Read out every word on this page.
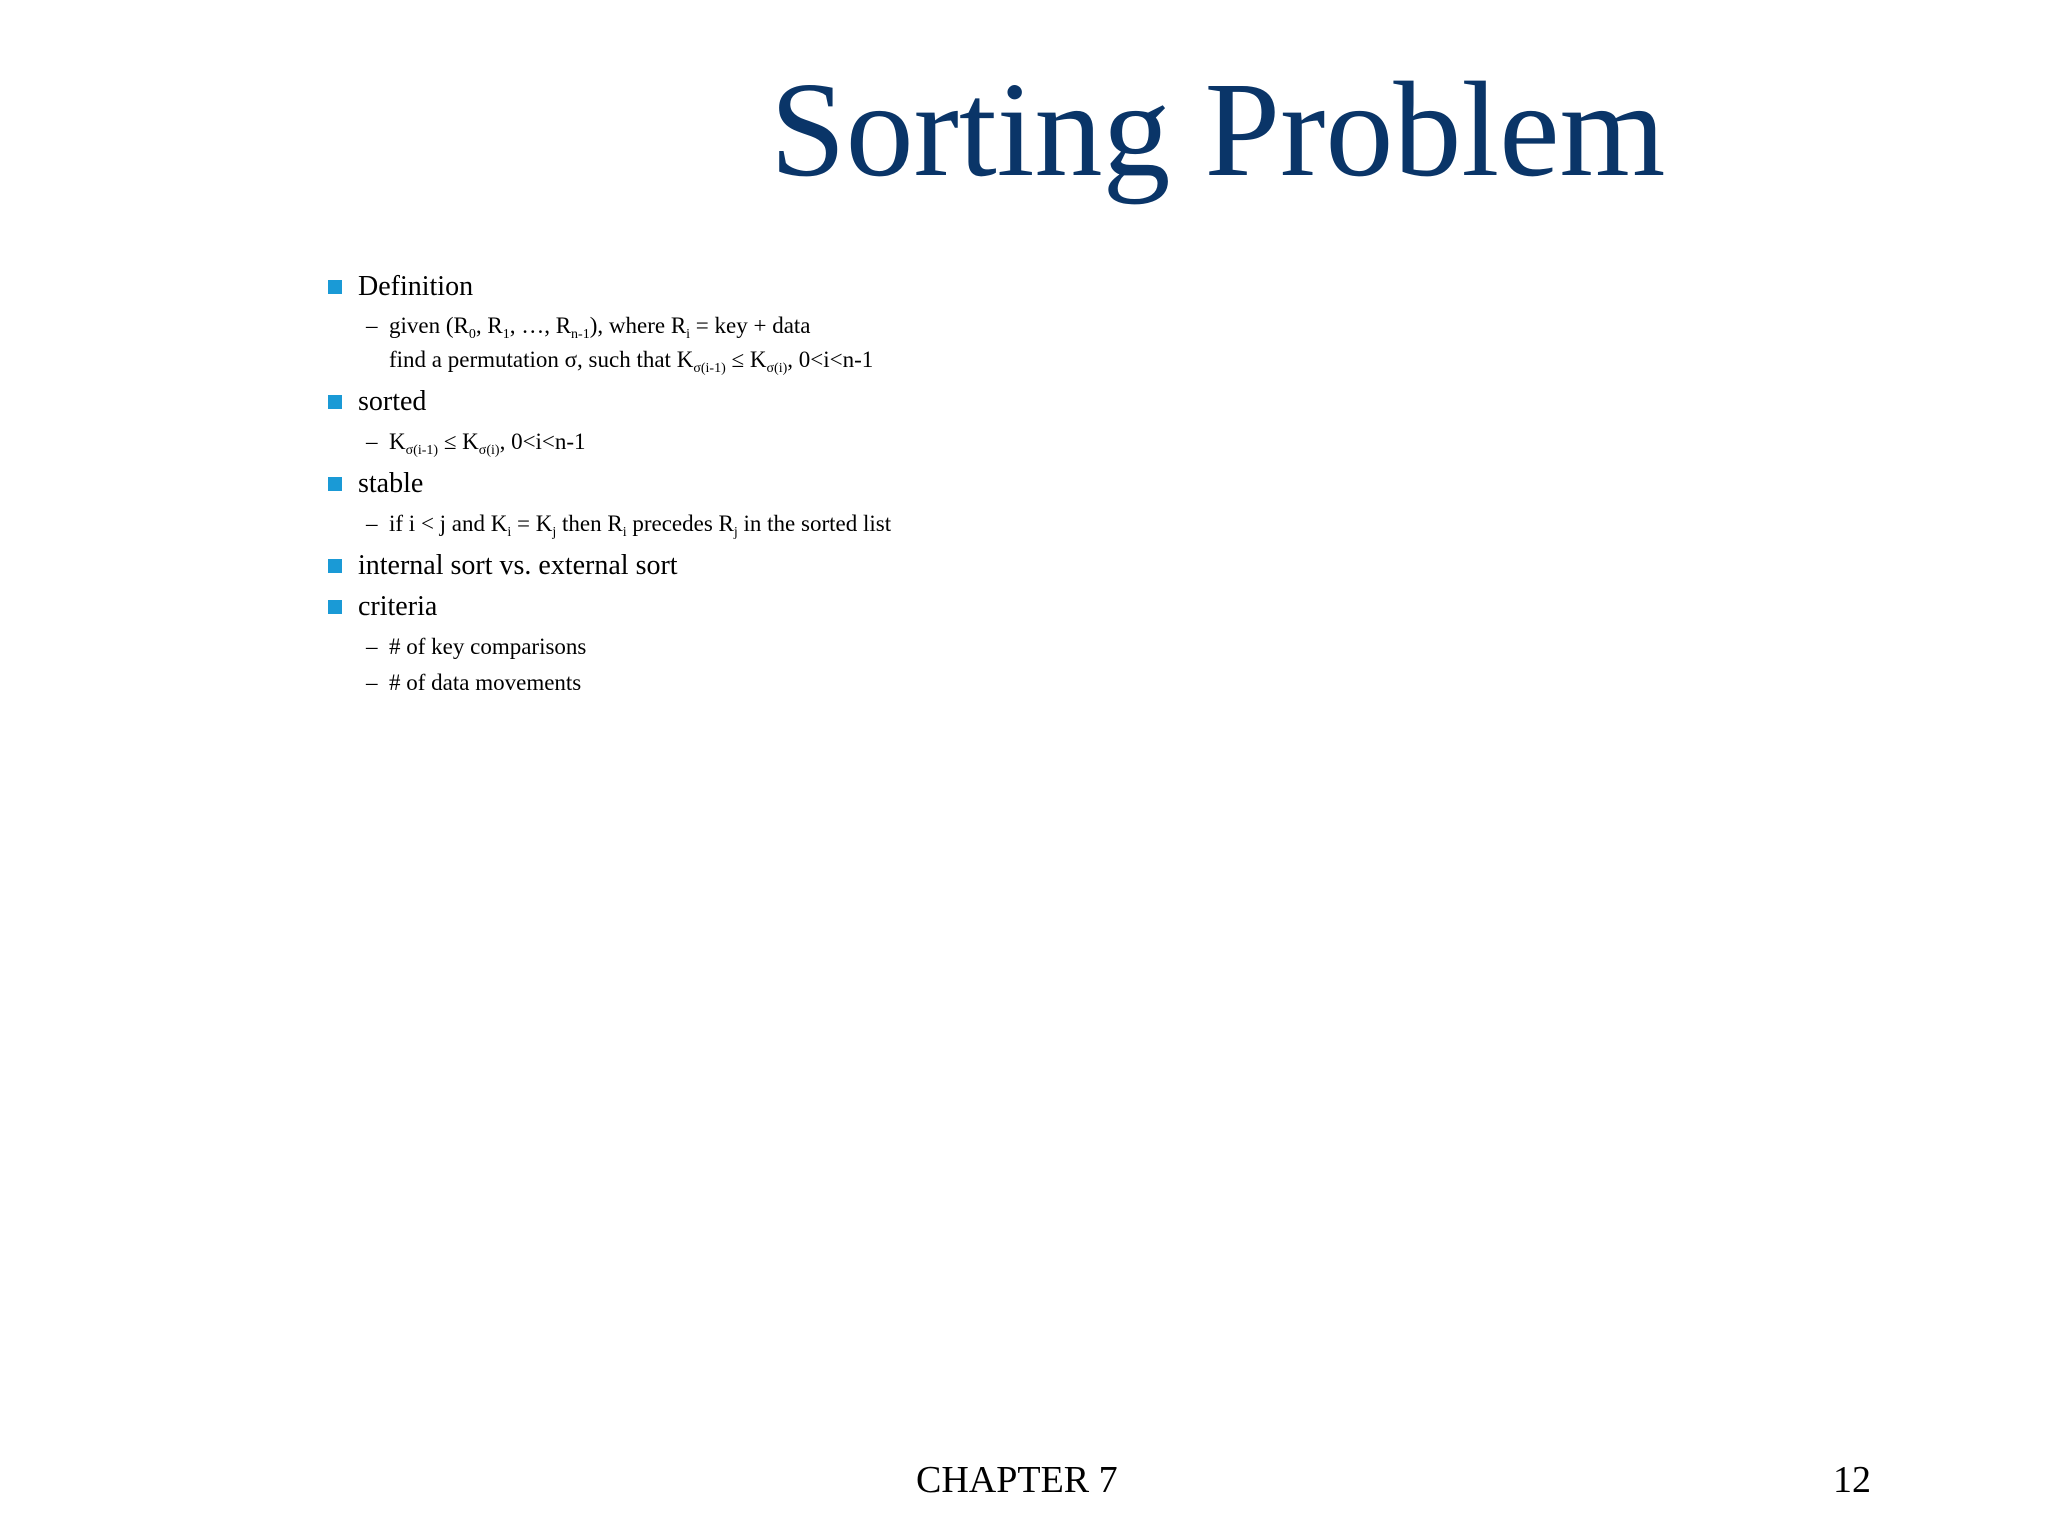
Sorting Problem
Definition
– given ($R_0$, $R_1$, …, $R_{n-1}$), where $R_i$ = key + data
find a permutation σ, such that $K_{\sigma(i-1)} \le K_{\sigma(i)}$, 0<i<n-1
sorted
– $K_{\sigma(i-1)} \le K_{\sigma(i)}$, 0<i<n-1
stable
– if i < j and $K_i = K_j$ then $R_i$ precedes $R_j$ in the sorted list
internal sort vs. external sort
criteria
– # of key comparisons
– # of data movements
CHAPTER 7	12
